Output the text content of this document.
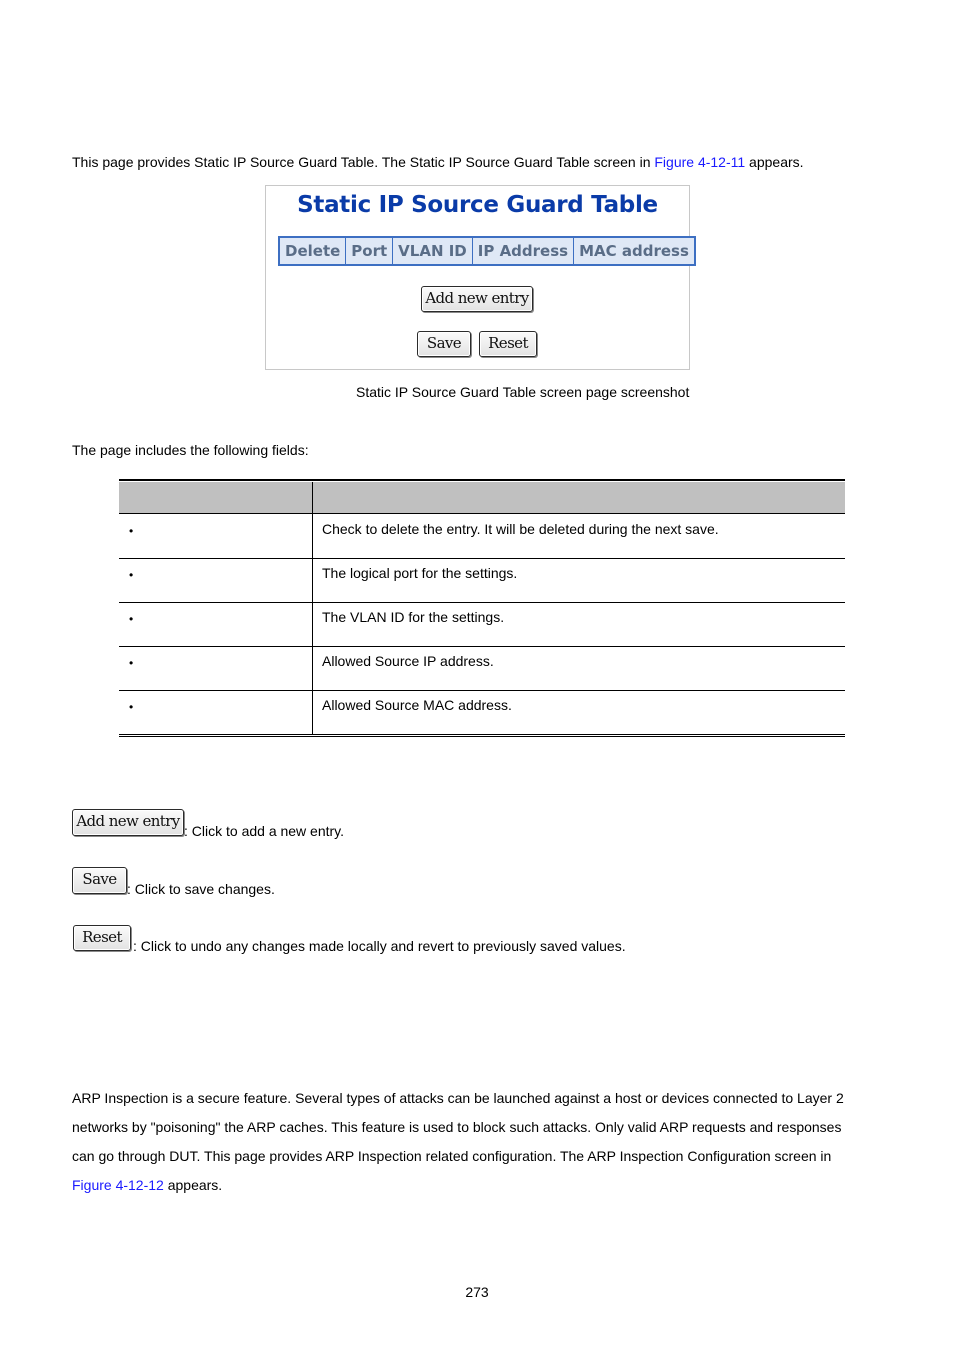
This page provides Static IP Source Guard Table. The Static IP Source Guard Table screen in Figure 4-12-11 appears.
Static IP Source Guard Table
Delete	Port	VLAN ID	IP Address	MAC address
Add new entry
Save	Reset
Static IP Source Guard Table screen page screenshot
The page includes the following fields:
•	Check to delete the entry. It will be deleted during the next save.
•	The logical port for the settings.
•	The VLAN ID for the settings.
•	Allowed Source IP address.
•	Allowed Source MAC address.
Add new entry
: Click to add a new entry.
Save
: Click to save changes.
Reset : Click to undo any changes made locally and revert to previously saved values.
ARP Inspection is a secure feature. Several types of attacks can be launched against a host or devices connected to Layer 2
networks by "poisoning" the ARP caches. This feature is used to block such attacks. Only valid ARP requests and responses
can go through DUT. This page provides ARP Inspection related configuration. The ARP Inspection Configuration screen in
Figure 4-12-12 appears.
273
